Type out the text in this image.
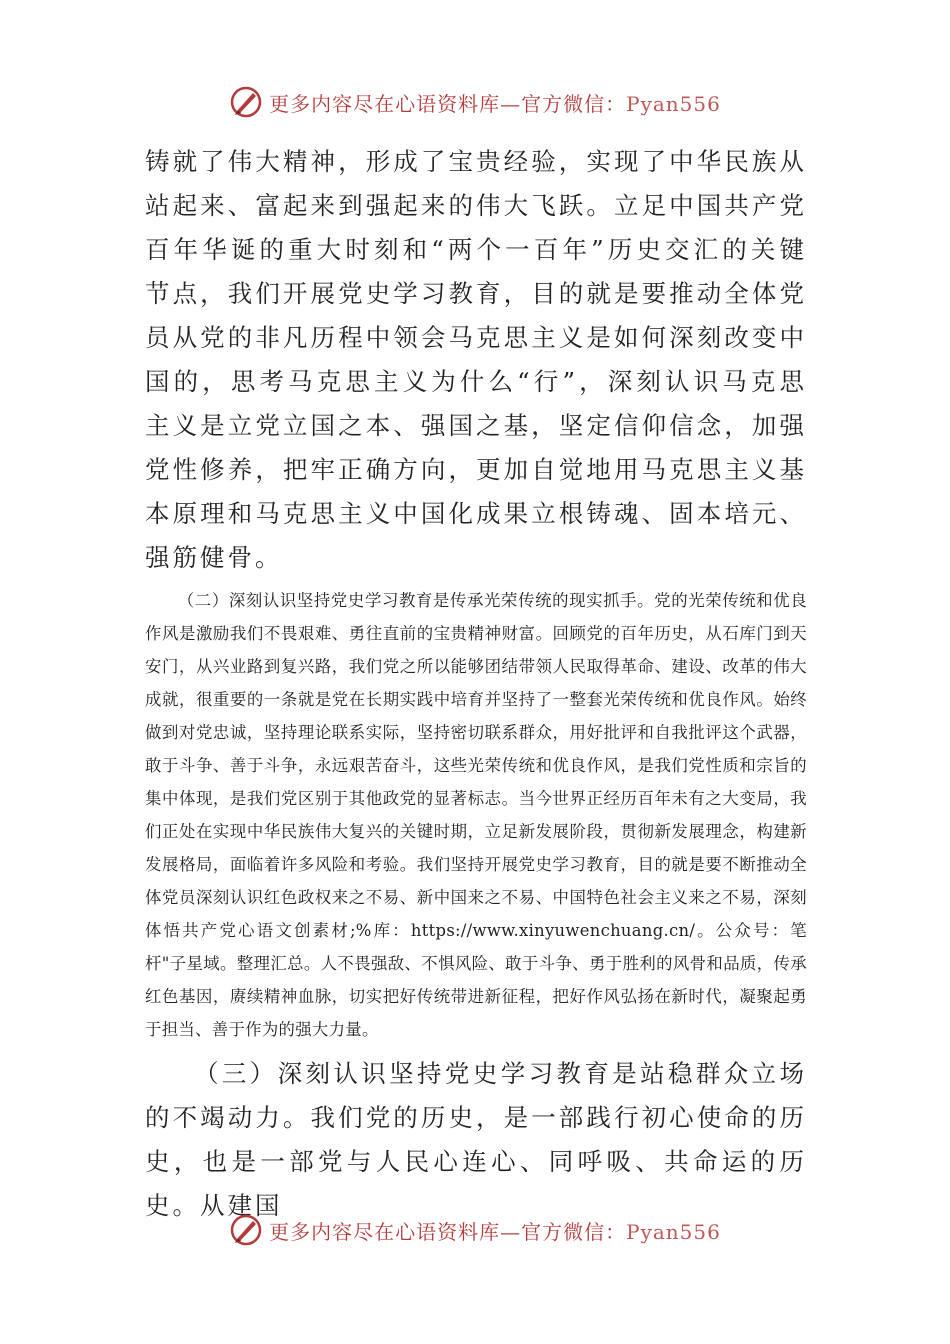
更多内容尽在心语资料库—官方微信：Pyan556

铸就了伟大精神，形成了宝贵经验，实现了中华民族从站起来、富起来到强起来的伟大飞跃。立足中国共产党百年华诞的重大时刻和“两个一百年”历史交汇的关键节点，我们开展党史学习教育，目的就是要推动全体党员从党的非凡历程中领会马克思主义是如何深刻改变中国的，思考马克思主义为什么“行”，深刻认识马克思主义是立党立国之本、强国之基，坚定信仰信念，加强党性修养，把牢正确方向，更加自觉地用马克思主义基本原理和马克思主义中国化成果立根铸魂、固本培元、强筋健骨。

（二）深刻认识坚持党史学习教育是传承光荣传统的现实抓手。党的光荣传统和优良作风是激励我们不畏艰难、勇往直前的宝贵精神财富。回顾党的百年历史，从石库门到天安门，从兴业路到复兴路，我们党之所以能够团结带领人民取得革命、建设、改革的伟大成就，很重要的一条就是党在长期实践中培育并坚持了一整套光荣传统和优良作风。始终做到对党忠诚，坚持理论联系实际，坚持密切联系群众，用好批评和自我批评这个武器，敢于斗争、善于斗争，永远艰苦奋斗，这些光荣传统和优良作风，是我们党性质和宗旨的集中体现，是我们党区别于其他政党的显著标志。当今世界正经历百年未有之大变局，我们正处在实现中华民族伟大复兴的关键时期，立足新发展阶段，贯彻新发展理念，构建新发展格局，面临着许多风险和考验。我们坚持开展党史学习教育，目的就是要不断推动全体党员深刻认识红色政权来之不易、新中国来之不易、中国特色社会主义来之不易，深刻体悟共产党心语文创素材;%库：https://www.xinyuwenchuang.cn/。公众号：笔杆"子星域。整理汇总。人不畏强敌、不惧风险、敢于斗争、勇于胜利的风骨和品质，传承红色基因，赓续精神血脉，切实把好传统带进新征程，把好作风弘扬在新时代，凝聚起勇于担当、善于作为的强大力量。

（三）深刻认识坚持党史学习教育是站稳群众立场的不竭动力。我们党的历史，是一部践行初心使命的历史，也是一部党与人民心连心、同呼吸、共命运的历史。从建国

更多内容尽在心语资料库—官方微信：Pyan556
